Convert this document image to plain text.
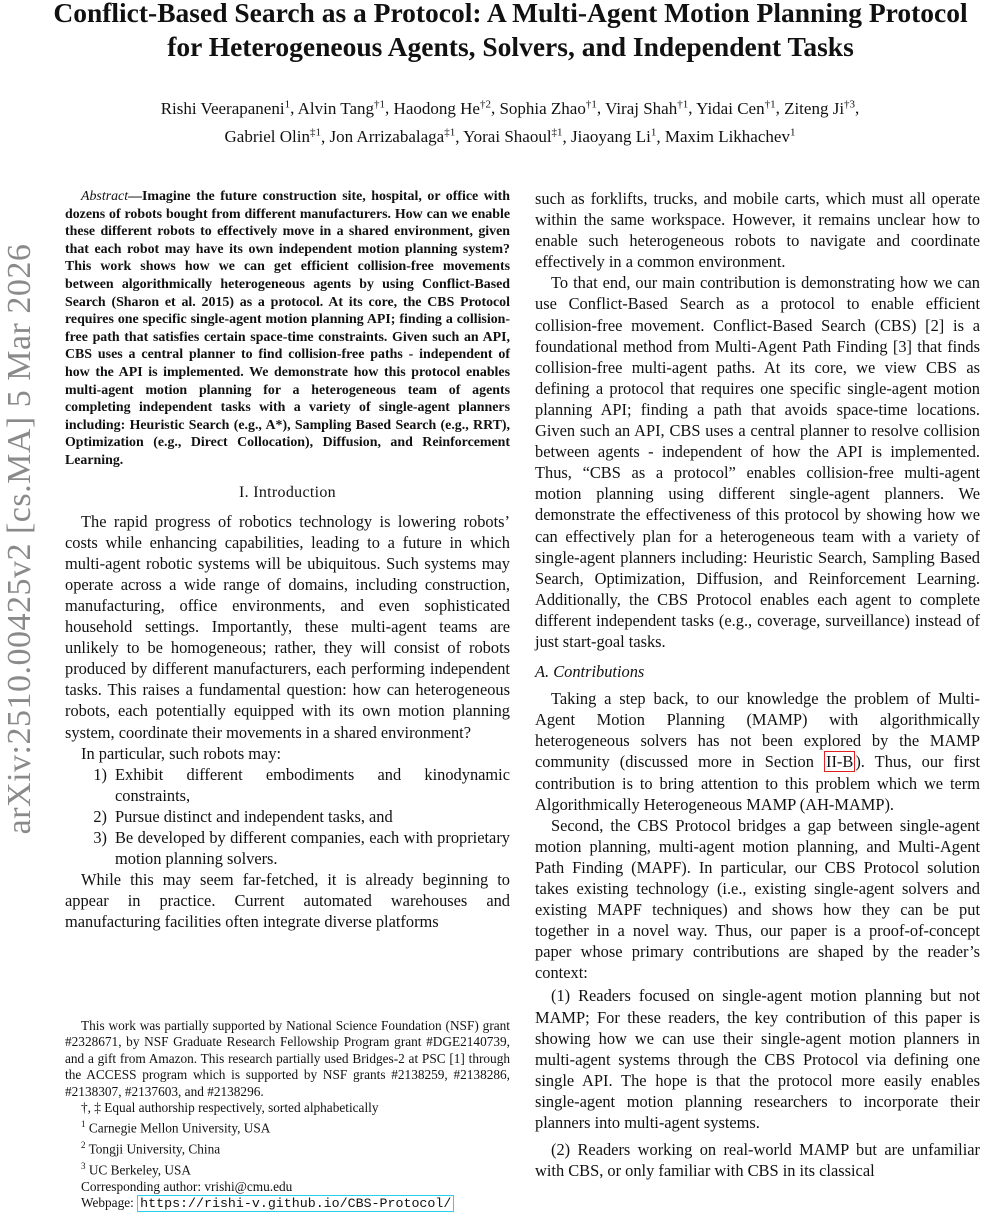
Conflict-Based Search as a Protocol: A Multi-Agent Motion Planning Protocol for Heterogeneous Agents, Solvers, and Independent Tasks
Rishi Veerapaneni$^1$, Alvin Tang$^{\dagger 1}$, Haodong He$^{\dagger 2}$, Sophia Zhao$^{\dagger 1}$, Viraj Shah$^{\dagger 1}$, Yidai Cen$^{\dagger 1}$, Ziteng Ji$^{\dagger 3}$,
Gabriel Olin$^{\ddagger 1}$, Jon Arrizabalaga$^{\ddagger 1}$, Yorai Shaoul$^{\ddagger 1}$, Jiaoyang Li$^1$, Maxim Likhachev$^1$
arXiv:2510.00425v2 [cs.MA] 5 Mar 2026

Abstract—Imagine the future construction site, hospital, or office with dozens of robots bought from different manufacturers. How can we enable these different robots to effectively move in a shared environment, given that each robot may have its own independent motion planning system? This work shows how we can get efficient collision-free movements between algorithmically heterogeneous agents by using Conflict-Based Search (Sharon et al. 2015) as a protocol. At its core, the CBS Protocol requires one specific single-agent motion planning API; finding a collision-free path that satisfies certain space-time constraints. Given such an API, CBS uses a central planner to find collision-free paths - independent of how the API is implemented. We demonstrate how this protocol enables multi-agent motion planning for a heterogeneous team of agents completing independent tasks with a variety of single-agent planners including: Heuristic Search (e.g., A*), Sampling Based Search (e.g., RRT), Optimization (e.g., Direct Collocation), Diffusion, and Reinforcement Learning.

I. Introduction

The rapid progress of robotics technology is lowering robots’ costs while enhancing capabilities, leading to a future in which multi-agent robotic systems will be ubiquitous. Such systems may operate across a wide range of domains, including construction, manufacturing, office environments, and even sophisticated household settings. Importantly, these multi-agent teams are unlikely to be homogeneous; rather, they will consist of robots produced by different manufacturers, each performing independent tasks. This raises a fundamental question: how can heterogeneous robots, each potentially equipped with its own motion planning system, coordinate their movements in a shared environment?

In particular, such robots may:

1) Exhibit different embodiments and kinodynamic constraints,
2) Pursue distinct and independent tasks, and
3) Be developed by different companies, each with proprietary motion planning solvers.

While this may seem far-fetched, it is already beginning to appear in practice. Current automated warehouses and manufacturing facilities often integrate diverse platforms

This work was partially supported by National Science Foundation (NSF) grant #2328671, by NSF Graduate Research Fellowship Program grant #DGE2140739, and a gift from Amazon. This research partially used Bridges-2 at PSC [1] through the ACCESS program which is supported by NSF grants #2138259, #2138286, #2138307, #2137603, and #2138296.

†, ‡ Equal authorship respectively, sorted alphabetically

$^1$ Carnegie Mellon University, USA

$^2$ Tongji University, China

$^3$ UC Berkeley, USA

Corresponding author: vrishi@cmu.edu

Webpage: https://rishi-v.github.io/CBS-Protocol/

such as forklifts, trucks, and mobile carts, which must all operate within the same workspace. However, it remains unclear how to enable such heterogeneous robots to navigate and coordinate effectively in a common environment.

To that end, our main contribution is demonstrating how we can use Conflict-Based Search as a protocol to enable efficient collision-free movement. Conflict-Based Search (CBS) [2] is a foundational method from Multi-Agent Path Finding [3] that finds collision-free multi-agent paths. At its core, we view CBS as defining a protocol that requires one specific single-agent motion planning API; finding a path that avoids space-time locations. Given such an API, CBS uses a central planner to resolve collision between agents - independent of how the API is implemented. Thus, “CBS as a protocol” enables collision-free multi-agent motion planning using different single-agent planners. We demonstrate the effectiveness of this protocol by showing how we can effectively plan for a heterogeneous team with a variety of single-agent planners including: Heuristic Search, Sampling Based Search, Optimization, Diffusion, and Reinforcement Learning. Additionally, the CBS Protocol enables each agent to complete different independent tasks (e.g., coverage, surveillance) instead of just start-goal tasks.

A. Contributions

Taking a step back, to our knowledge the problem of Multi-Agent Motion Planning (MAMP) with algorithmically heterogeneous solvers has not been explored by the MAMP community (discussed more in Section II-B ). Thus, our first contribution is to bring attention to this problem which we term Algorithmically Heterogeneous MAMP (AH-MAMP).

Second, the CBS Protocol bridges a gap between single-agent motion planning, multi-agent motion planning, and Multi-Agent Path Finding (MAPF). In particular, our CBS Protocol solution takes existing technology (i.e., existing single-agent solvers and existing MAPF techniques) and shows how they can be put together in a novel way. Thus, our paper is a proof-of-concept paper whose primary contributions are shaped by the reader’s context:

(1) Readers focused on single-agent motion planning but not MAMP; For these readers, the key contribution of this paper is showing how we can use their single-agent motion planners in multi-agent systems through the CBS Protocol via defining one single API. The hope is that the protocol more easily enables single-agent motion planning researchers to incorporate their planners into multi-agent systems.

(2) Readers working on real-world MAMP but are unfamiliar with CBS, or only familiar with CBS in its classical
